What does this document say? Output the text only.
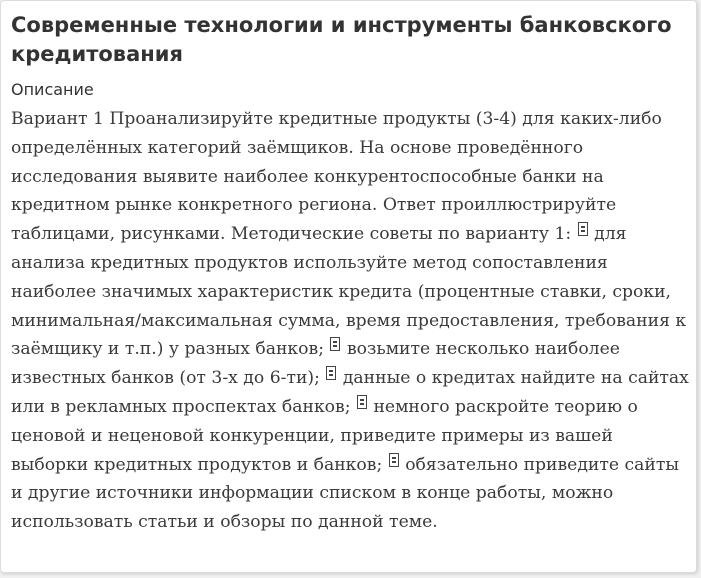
Современные технологии и инструменты банковского кредитования
Описание

Вариант 1 Проанализируйте кредитные продукты (3-4) для каких-либо определённых категорий заёмщиков. На основе проведённого исследования выявите наиболее конкурентоспособные банки на кредитном рынке конкретного региона. Ответ проиллюстрируйте таблицами, рисунками. Методические советы по варианту 1: для анализа кредитных продуктов используйте метод сопоставления наиболее значимых характеристик кредита (процентные ставки, сроки, минимальная/максимальная сумма, время предоставления, требования к заёмщику и т.п.) у разных банков; возьмите несколько наиболее известных банков (от 3-х до 6-ти); данные о кредитах найдите на сайтах или в рекламных проспектах банков; немного раскройте теорию о ценовой и неценовой конкуренции, приведите примеры из вашей выборки кредитных продуктов и банков; обязательно приведите сайты и другие источники информации списком в конце работы, можно использовать статьи и обзоры по данной теме.
